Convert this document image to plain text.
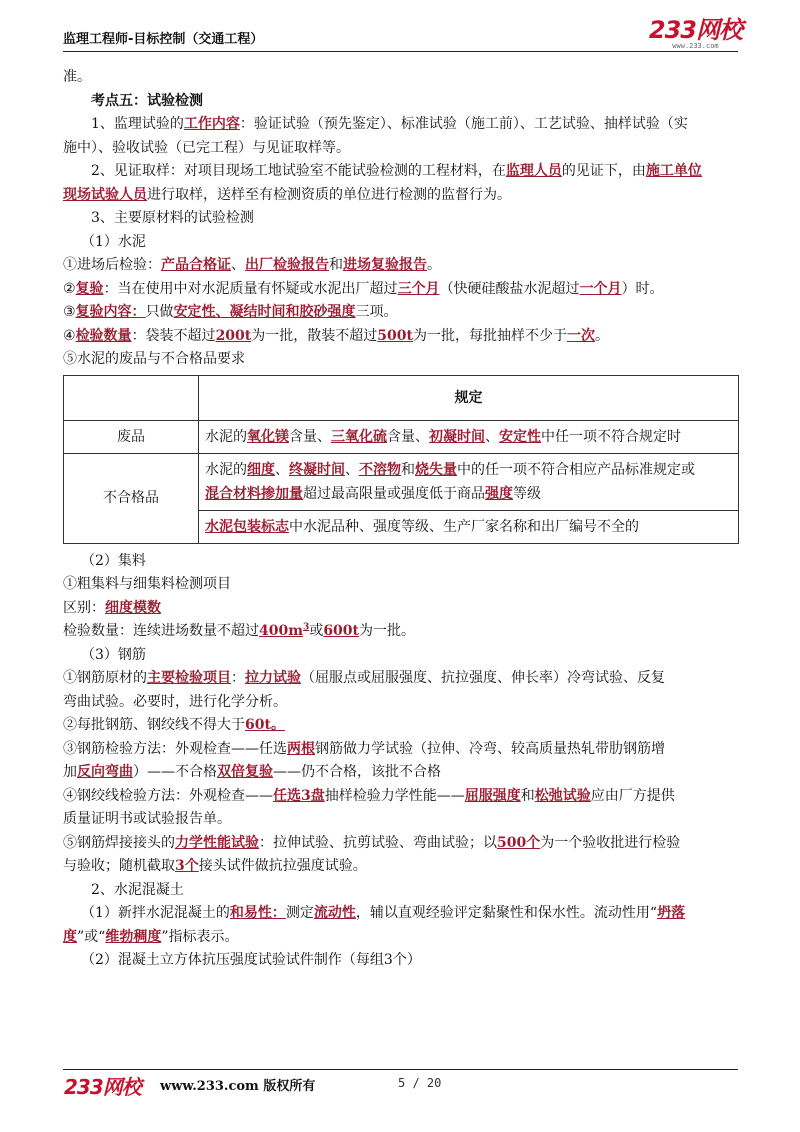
监理工程师-目标控制（交通工程）	233网校
www.233.com
准。
考点五：试验检测
1、监理试验的工作内容：验证试验（预先鉴定）、标准试验（施工前）、工艺试验、抽样试验（实
施中）、验收试验（已完工程）与见证取样等。
2、见证取样：对项目现场工地试验室不能试验检测的工程材料，在监理人员的见证下，由施工单位
现场试验人员进行取样，送样至有检测资质的单位进行检测的监督行为。
3、主要原材料的试验检测
（1）水泥
①进场后检验：产品合格证、出厂检验报告和进场复验报告。
②复验：当在使用中对水泥质量有怀疑或水泥出厂超过三个月（快硬硅酸盐水泥超过一个月）时。
③复验内容：只做安定性、凝结时间和胶砂强度三项。
④检验数量：袋装不超过200t为一批，散装不超过500t为一批，每批抽样不少于一次。
⑤水泥的废品与不合格品要求
	规定
废品	水泥的氧化镁含量、三氧化硫含量、初凝时间、安定性中任一项不符合规定时
不合格品	水泥的细度、终凝时间、不溶物和烧失量中的任一项不符合相应产品标准规定或
混合材料掺加量超过最高限量或强度低于商品强度等级

	水泥包装标志中水泥品种、强度等级、生产厂家名称和出厂编号不全的
（2）集料
①粗集料与细集料检测项目
区别：细度模数
检验数量：连续进场数量不超过$400m^3$或600t为一批。
（3）钢筋
①钢筋原材的主要检验项目：拉力试验（屈服点或屈服强度、抗拉强度、伸长率）冷弯试验、反复
弯曲试验。必要时，进行化学分析。
②每批钢筋、钢绞线不得大于60t。
③钢筋检验方法：外观检查——任选两根钢筋做力学试验（拉伸、冷弯、较高质量热轧带肋钢筋增
加反向弯曲）——不合格双倍复验——仍不合格，该批不合格
④钢绞线检验方法：外观检查——任选3盘抽样检验力学性能——屈服强度和松弛试验应由厂方提供
质量证明书或试验报告单。
⑤钢筋焊接接头的力学性能试验：拉伸试验、抗剪试验、弯曲试验；以500个为一个验收批进行检验
与验收；随机截取3个接头试件做抗拉强度试验。
2、水泥混凝土
（1）新拌水泥混凝土的和易性：测定流动性，辅以直观经验评定黏聚性和保水性。流动性用“坍落
度”或“维勃稠度”指标表示。
（2）混凝土立方体抗压强度试验试件制作（每组3个）
233网校 www.233.com 版权所有	5 / 20
